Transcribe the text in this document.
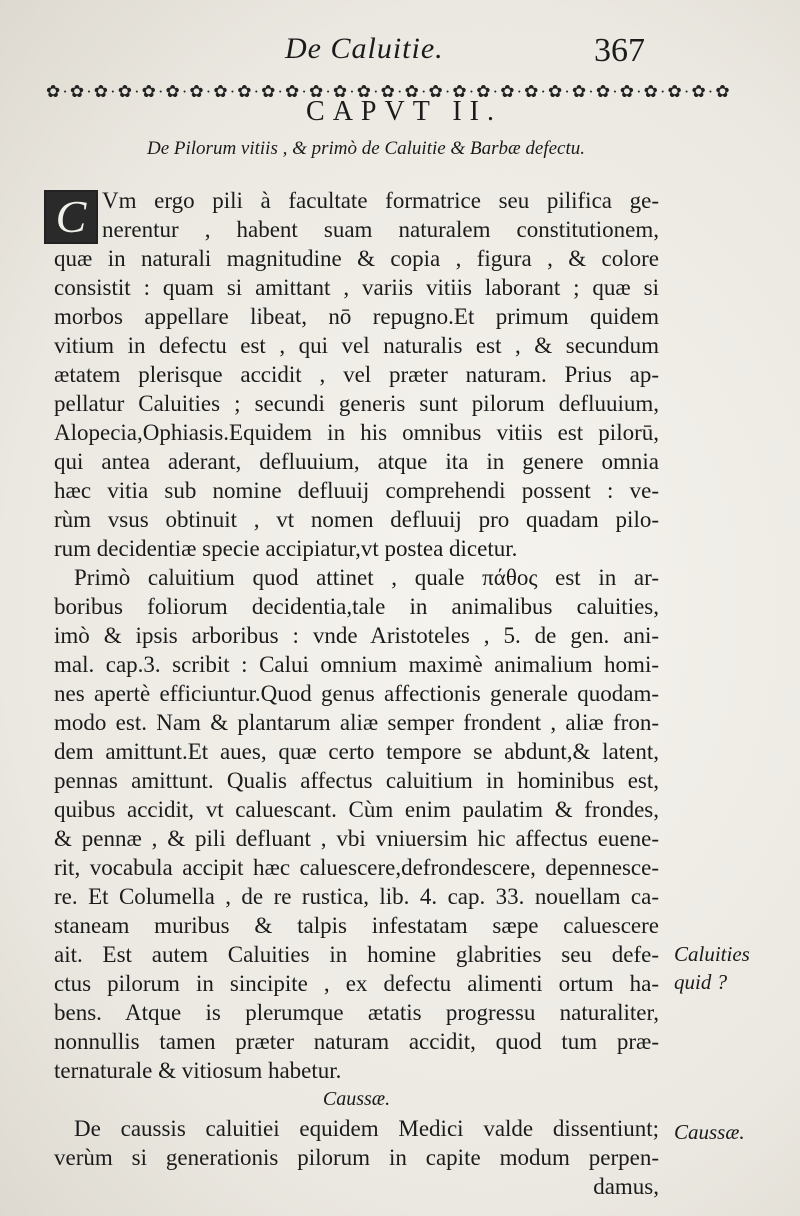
De Caluitie.	367
✿·✿·✿·✿·✿·✿·✿·✿·✿·✿·✿·✿·✿·✿·✿·✿·✿·✿·✿·✿·✿·✿·✿·✿·✿·✿·✿·✿·✿
CAPVT II.
De Pilorum vitiis , & primò de Caluitie & Barbæ defectu.
C Vm ergo pili à facultate formatrice seu pilifica ge-
nerentur , habent suam naturalem constitutionem,
quæ in naturali magnitudine & copia , figura , & colore
consistit : quam si amittant , variis vitiis laborant ; quæ si
morbos appellare libeat, nō repugno.Et primum quidem
vitium in defectu est , qui vel naturalis est , & secundum
ætatem plerisque accidit , vel præter naturam. Prius ap-
pellatur Caluities ; secundi generis sunt pilorum defluuium,
Alopecia,Ophiasis.Equidem in his omnibus vitiis est pilorū,
qui antea aderant, defluuium, atque ita in genere omnia
hæc vitia sub nomine defluuij comprehendi possent : ve-
rùm vsus obtinuit , vt nomen defluuij pro quadam pilo-
rum decidentiæ specie accipiatur,vt postea dicetur.
Primò caluitium quod attinet , quale πάθος est in ar-
boribus foliorum decidentia,tale in animalibus caluities,
imò & ipsis arboribus : vnde Aristoteles , 5. de gen. ani-
mal. cap.3. scribit : Calui omnium maximè animalium homi-
nes apertè efficiuntur.Quod genus affectionis generale quodam-
modo est. Nam & plantarum aliæ semper frondent , aliæ fron-
dem amittunt.Et aues, quæ certo tempore se abdunt,& latent,
pennas amittunt. Qualis affectus caluitium in hominibus est,
quibus accidit, vt caluescant. Cùm enim paulatim & frondes,
& pennæ , & pili defluant , vbi vniuersim hic affectus euene-
rit, vocabula accipit hæc caluescere,defrondescere, depennesce-
re. Et Columella , de re rustica, lib. 4. cap. 33. nouellam ca-
staneam muribus & talpis infestatam sæpe caluescere
ait. Est autem Caluities in homine glabrities seu defe-
ctus pilorum in sincipite , ex defectu alimenti ortum ha-
bens. Atque is plerumque ætatis progressu naturaliter,
nonnullis tamen præter naturam accidit, quod tum præ-
ternaturale & vitiosum habetur.
Caussæ.
De caussis caluitiei equidem Medici valde dissentiunt;
verùm si generationis pilorum in capite modum perpen-
damus,
Caluities quid ?
Caussæ.
